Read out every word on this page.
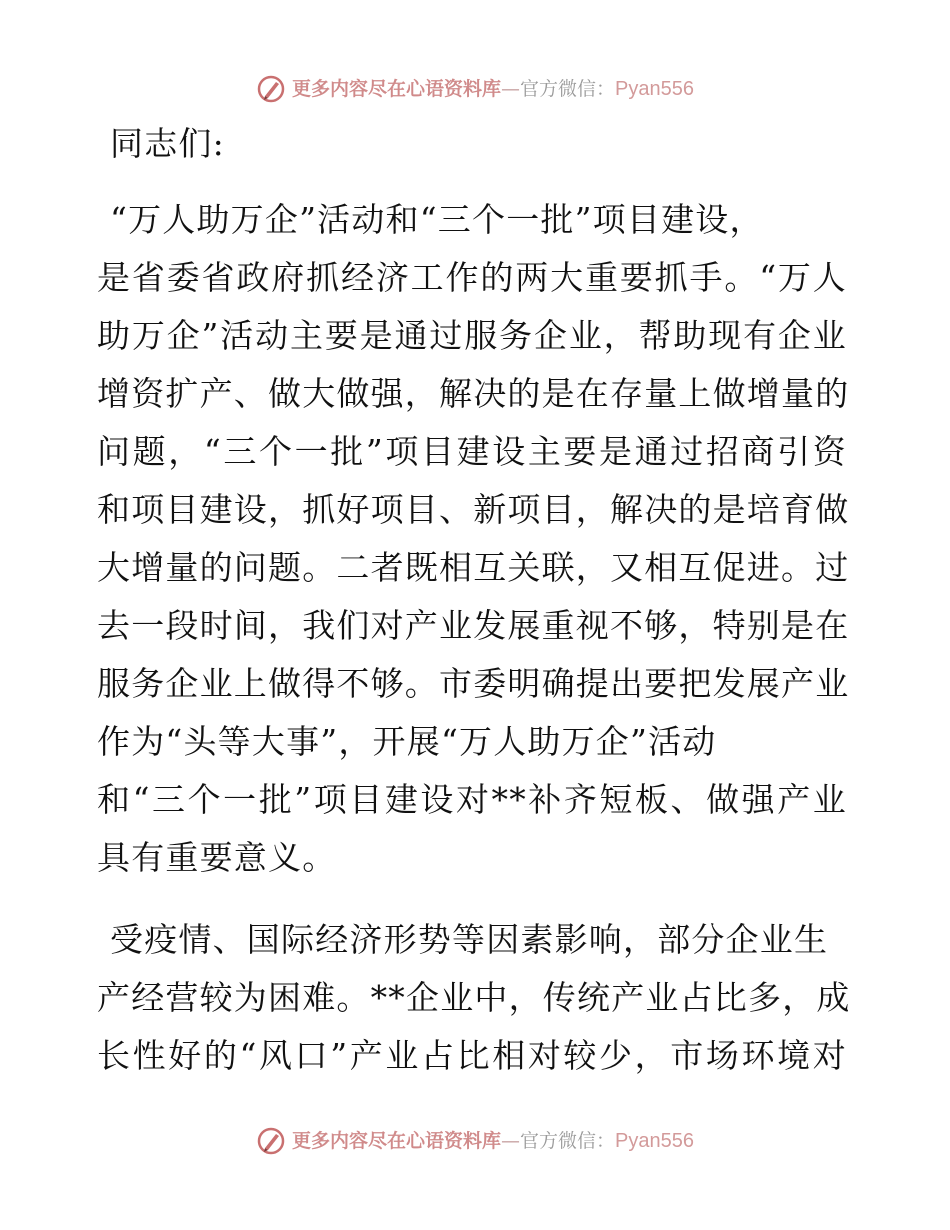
更多内容尽在心语资料库 — 官方微信： Pyan556
同志们:
“万人助万企”活动和“三个一批”项目建设，
是省委省政府抓经济工作的两大重要抓手。“万人
助万企”活动主要是通过服务企业，帮助现有企业
增资扩产、做大做强，解决的是在存量上做增量的
问题，“三个一批”项目建设主要是通过招商引资
和项目建设，抓好项目、新项目，解决的是培育做
大增量的问题。二者既相互关联，又相互促进。过
去一段时间，我们对产业发展重视不够，特别是在
服务企业上做得不够。市委明确提出要把发展产业
作为“头等大事”，开展“万人助万企”活动
和“三个一批”项目建设对**补齐短板、做强产业
具有重要意义。
受疫情、国际经济形势等因素影响，部分企业生
产经营较为困难。**企业中，传统产业占比多，成
长性好的“风口”产业占比相对较少，市场环境对
更多内容尽在心语资料库 — 官方微信： Pyan556
